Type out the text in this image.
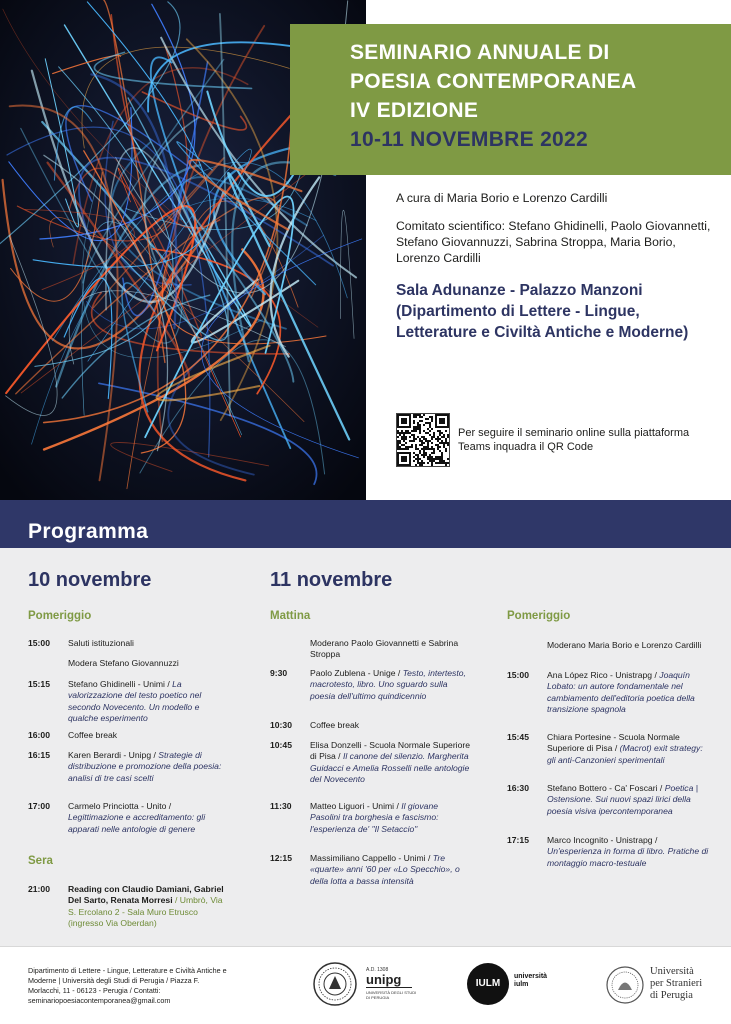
SEMINARIO ANNUALE DI
POESIA CONTEMPORANEA
IV EDIZIONE
10-11 NOVEMBRE 2022
A cura di Maria Borio e Lorenzo Cardilli
Comitato scientifico: Stefano Ghidinelli, Paolo Giovannetti, Stefano Giovannuzzi, Sabrina Stroppa, Maria Borio, Lorenzo Cardilli
Sala Adunanze - Palazzo Manzoni (Dipartimento di Lettere - Lingue, Letterature e Civiltà Antiche e Moderne)
Per seguire il seminario online sulla piattaforma Teams inquadra il QR Code
Programma
10 novembre
Pomeriggio
15:00 Saluti istituzionali
Modera Stefano Giovannuzzi
15:15 Stefano Ghidinelli - Unimi / La valorizzazione del testo poetico nel secondo Novecento. Un modello e qualche esperimento
16:00 Coffee break
16:15 Karen Berardi - Unipg / Strategie di distribuzione e promozione della poesia: analisi di tre casi scelti
17:00 Carmelo Princiotta - Unito / Legittimazione e accreditamento: gli apparati nelle antologie di genere
Sera
21:00 Reading con Claudio Damiani, Gabriel Del Sarto, Renata Morresi / Umbrò, Via S. Ercolano 2 - Sala Muro Etrusco (ingresso Via Oberdan)
11 novembre
Mattina
Moderano Paolo Giovannetti e Sabrina Stroppa
9:30	Paolo Zublena - Unige / Testo, intertesto, macrotesto, libro. Uno sguardo sulla poesia dell'ultimo quindicennio
10:30 Coffee break
10:45 Elisa Donzelli - Scuola Normale Superiore di Pisa / Il canone del silenzio. Margherita Guidacci e Amelia Rosselli nelle antologie del Novecento
11:30 Matteo Liguori - Unimi / Il giovane Pasolini tra borghesia e fascismo: l'esperienza de' "Il Setaccio"
12:15 Massimiliano Cappello - Unimi / Tre «quarte» anni '60 per «Lo Specchio», o della lotta a bassa intensità
Pomeriggio
Moderano Maria Borio e Lorenzo Cardilli
15:00 Ana López Rico - Unistrapg / Joaquín Lobato: un autore fondamentale nel cambiamento dell'editoria poetica della transizione spagnola
15:45 Chiara Portesine - Scuola Normale Superiore di Pisa / (Macrot) exit strategy: gli anti-Canzonieri sperimentali
16:30 Stefano Bottero - Ca' Foscari / Poetica | Ostensione. Sui nuovi spazi lirici della poesia visiva ipercontemporanea
17:15 Marco Incognito - Unistrapg / Un'esperienza in forma di libro. Pratiche di montaggio macro-testuale
Dipartimento di Lettere - Lingue, Letterature e Civiltà Antiche e Moderne | Università degli Studi di Perugia / Piazza F. Morlacchi, 11 - 06123 - Perugia / Contatti: seminariopoesiacontemporanea@gmail.com
A.D. 1308
unipg
UNIVERSITÀ DEGLI STUDI DI PERUGIA
IULM
università
iulm
Università
per Stranieri
di Perugia
